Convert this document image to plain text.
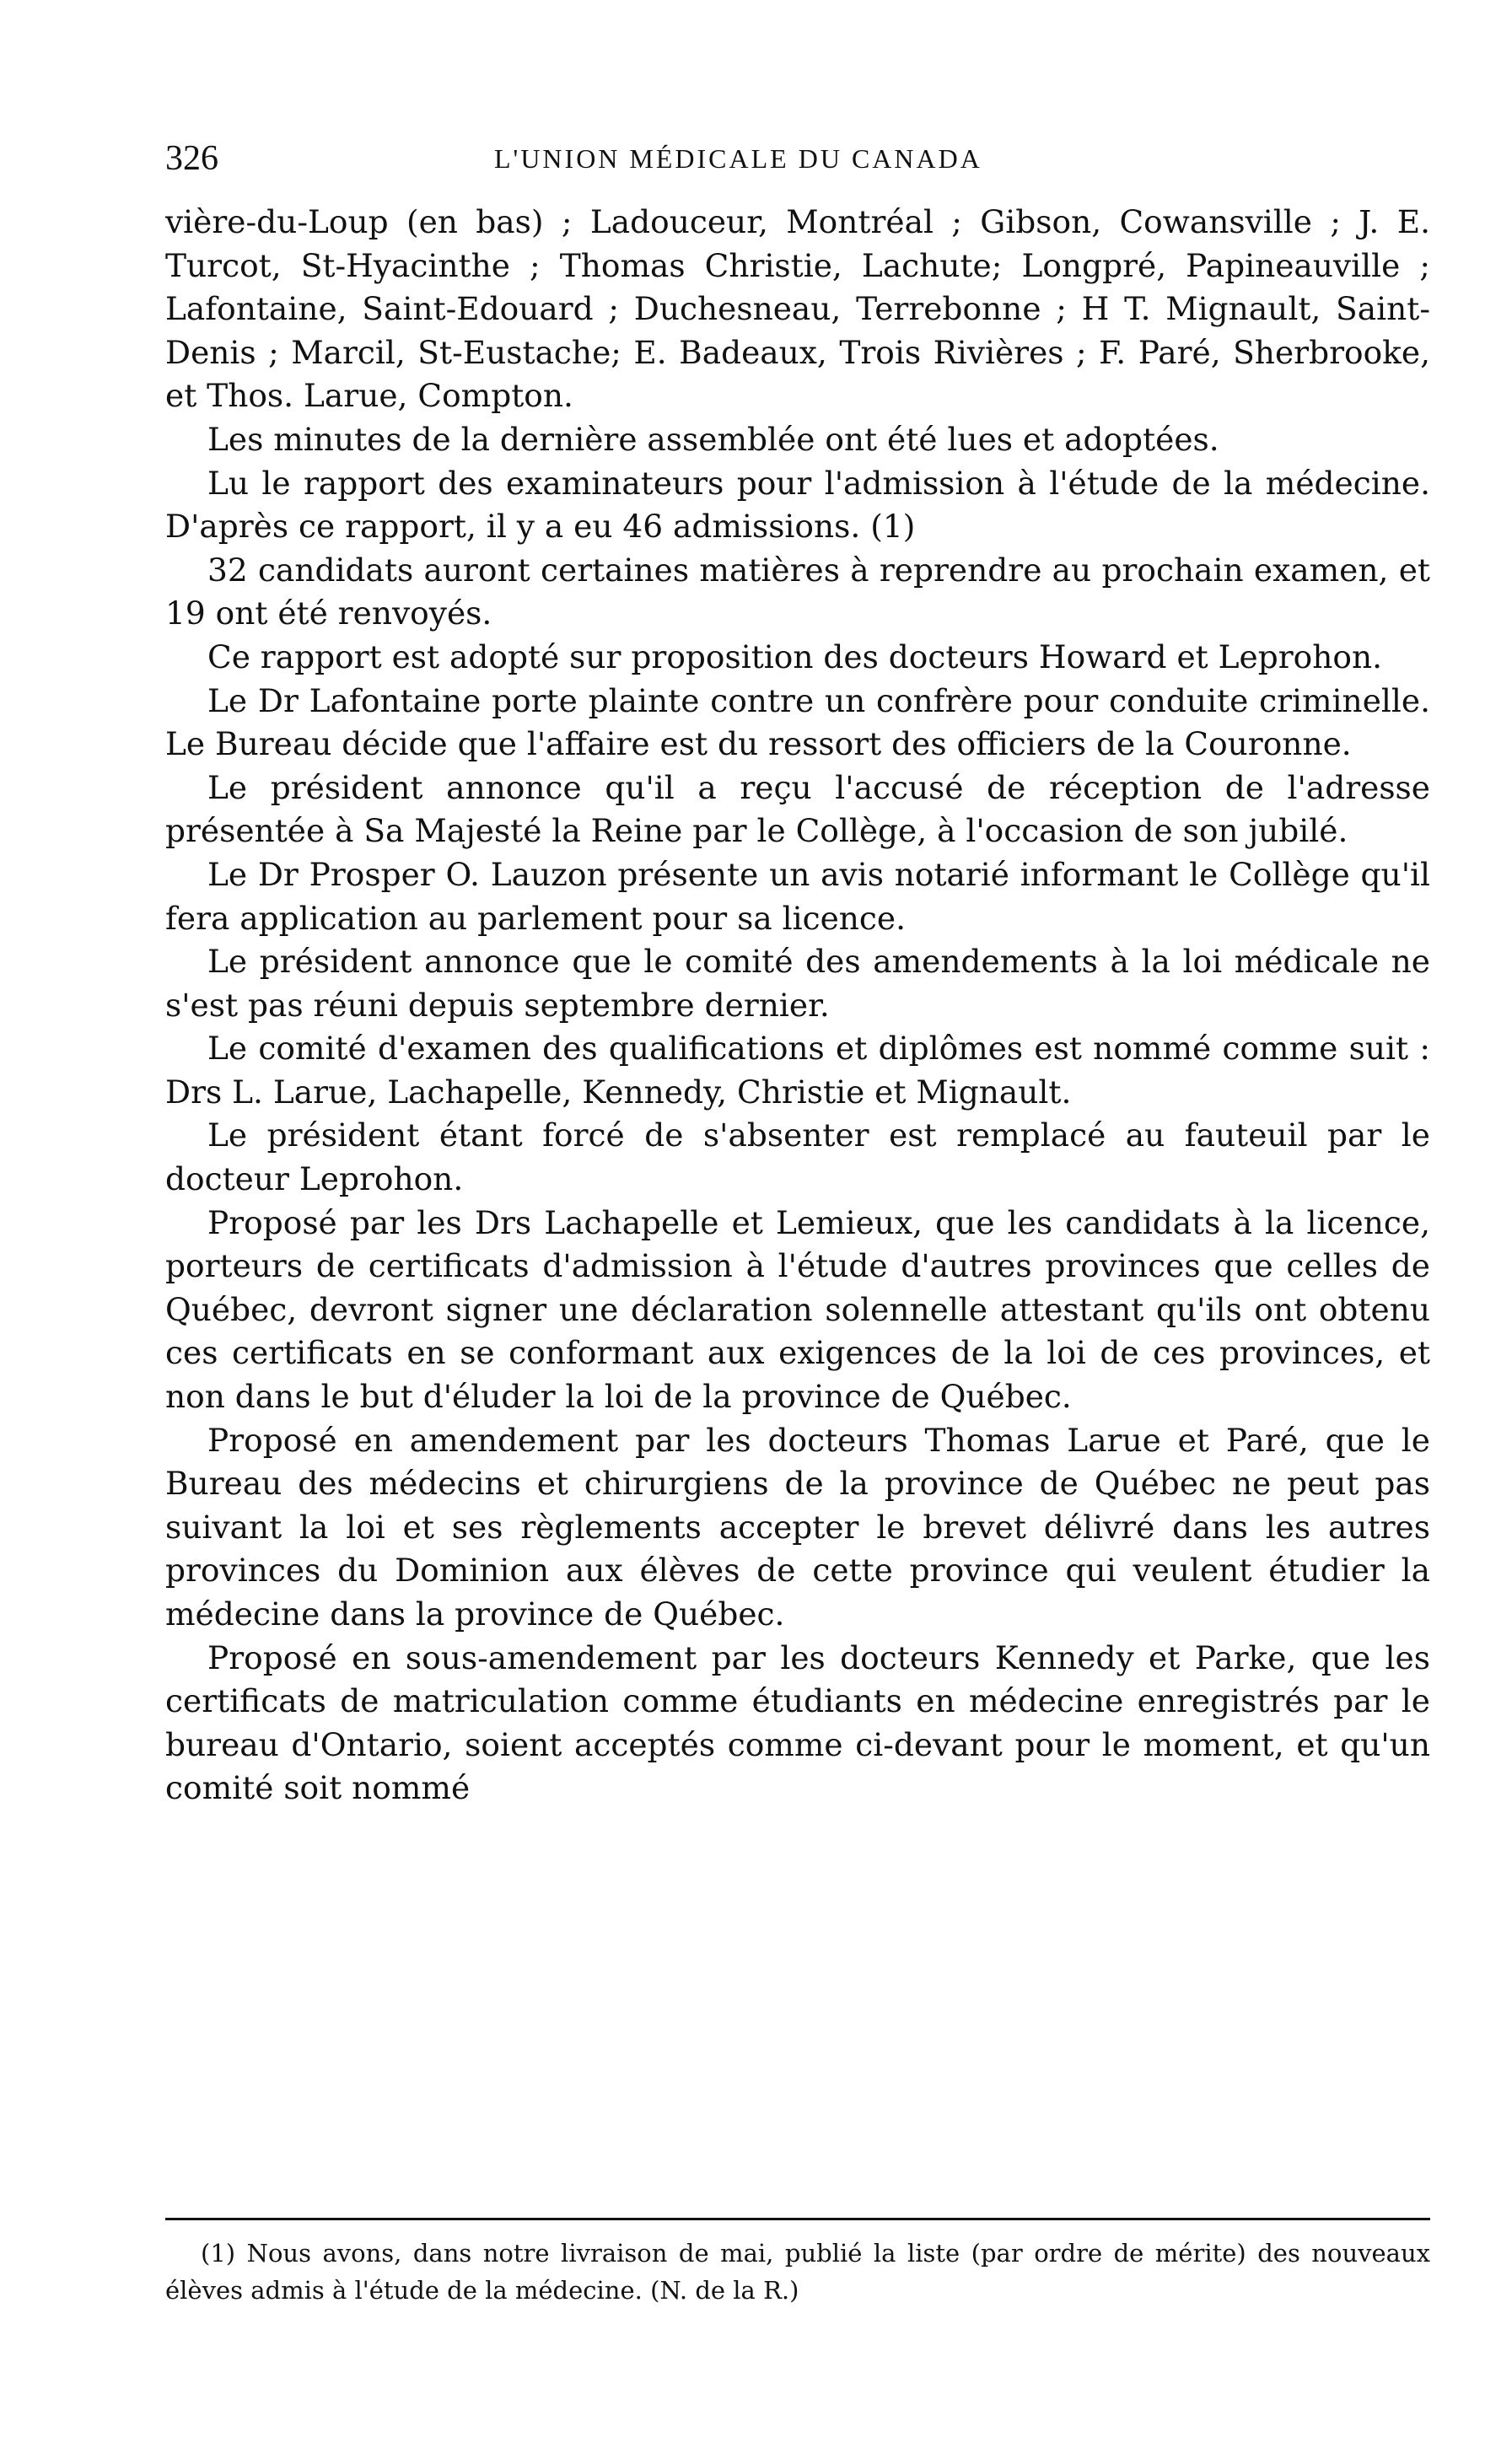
326	L'UNION MÉDICALE DU CANADA

vière-du-Loup (en bas) ; Ladouceur, Montréal ; Gibson, Cowansville ; J. E. Turcot, St-Hyacinthe ; Thomas Christie, Lachute; Longpré, Papineauville ; Lafontaine, Saint-Edouard ; Duchesneau, Terrebonne ; H T. Mignault, Saint-Denis ; Marcil, St-Eustache; E. Badeaux, Trois Rivières ; F. Paré, Sherbrooke, et Thos. Larue, Compton.

Les minutes de la dernière assemblée ont été lues et adoptées.

Lu le rapport des examinateurs pour l'admission à l'étude de la médecine. D'après ce rapport, il y a eu 46 admissions. (1)

32 candidats auront certaines matières à reprendre au prochain examen, et 19 ont été renvoyés.

Ce rapport est adopté sur proposition des docteurs Howard et Leprohon.

Le Dr Lafontaine porte plainte contre un confrère pour conduite criminelle. Le Bureau décide que l'affaire est du ressort des officiers de la Couronne.

Le président annonce qu'il a reçu l'accusé de réception de l'adresse présentée à Sa Majesté la Reine par le Collège, à l'occasion de son jubilé.

Le Dr Prosper O. Lauzon présente un avis notarié informant le Collège qu'il fera application au parlement pour sa licence.

Le président annonce que le comité des amendements à la loi médicale ne s'est pas réuni depuis septembre dernier.

Le comité d'examen des qualifications et diplômes est nommé comme suit : Drs L. Larue, Lachapelle, Kennedy, Christie et Mignault.

Le président étant forcé de s'absenter est remplacé au fauteuil par le docteur Leprohon.

Proposé par les Drs Lachapelle et Lemieux, que les candidats à la licence, porteurs de certificats d'admission à l'étude d'autres provinces que celles de Québec, devront signer une déclaration solennelle attestant qu'ils ont obtenu ces certificats en se conformant aux exigences de la loi de ces provinces, et non dans le but d'éluder la loi de la province de Québec.

Proposé en amendement par les docteurs Thomas Larue et Paré, que le Bureau des médecins et chirurgiens de la province de Québec ne peut pas suivant la loi et ses règlements accepter le brevet délivré dans les autres provinces du Dominion aux élèves de cette province qui veulent étudier la médecine dans la province de Québec.

Proposé en sous-amendement par les docteurs Kennedy et Parke, que les certificats de matriculation comme étudiants en médecine enregistrés par le bureau d'Ontario, soient acceptés comme ci-devant pour le moment, et qu'un comité soit nommé

(1) Nous avons, dans notre livraison de mai, publié la liste (par ordre de mérite) des nouveaux élèves admis à l'étude de la médecine. (N. de la R.)
